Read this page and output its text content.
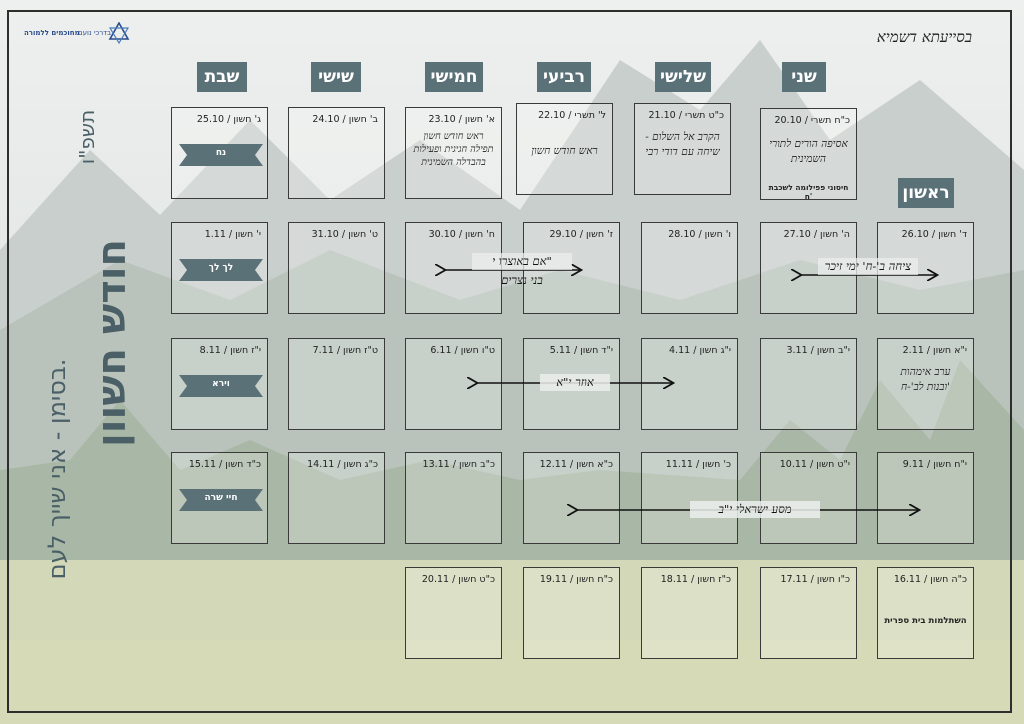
מחוכמים ללמורה
בדרכי נועם	בסייעתא דשמיא
תשפ"ו
חודש חשוון
בסימן - אני שייך לעם.
שני
שלישי
רביעי
חמישי
שישי
שבת
ראשון
כ"ח תשרי / 20.10
אסיפה הורים לתורי השמינית
חיסוני פפילומה לשכבת ח'
כ"ט תשרי / 21.10
הקרב אל השלום - שיחה עם דודי רבי
ל' תשרי / 22.10
ראש חודש חשון
א' חשון / 23.10
ראש חודש חשון
תפילה חגיגית ופעילות בהבדלה השמינית
ב' חשון / 24.10
ג' חשון / 25.10
נח
ד' חשון / 26.10
ה' חשון / 27.10
ו' חשון / 28.10
ז' חשון / 29.10
ח' חשון / 30.10
ט' חשון / 31.10
י' חשון / 1.11
לך לך
י"א חשון / 2.11
ערב אימהות ובנות לב'-ח'
י"ב חשון / 3.11
י"ג חשון / 4.11
י"ד חשון / 5.11
ט"ו חשון / 6.11
ט"ז חשון / 7.11
י"ז חשון / 8.11
וירא
י"ח חשון / 9.11
י"ט חשון / 10.11
כ' חשון / 11.11
כ"א חשון / 12.11
כ"ב חשון / 13.11
כ"ג חשון / 14.11
כ"ד חשון / 15.11
חיי שרה
כ"ה חשון / 16.11
השתלמות בית ספרית
כ"ו חשון / 17.11
כ"ז חשון / 18.11
כ"ח חשון / 19.11
כ"ט חשון / 20.11
ציחה ב'-ח' ימי זיכר
אם באוצרו י"
בני נצרים
אוזר י"א
מסע ישראלי י"ב
